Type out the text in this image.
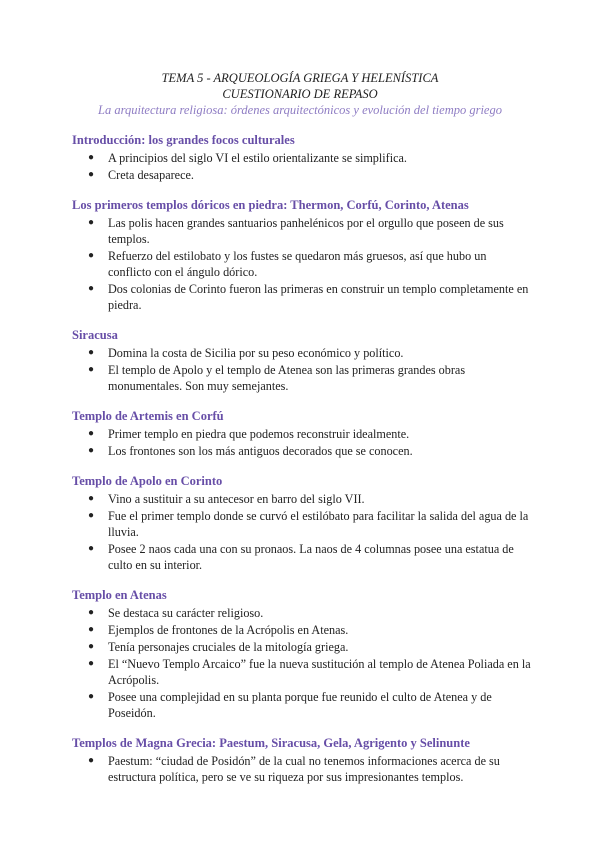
TEMA 5 - ARQUEOLOGÍA GRIEGA Y HELENÍSTICA
CUESTIONARIO DE REPASO
La arquitectura religiosa: órdenes arquitectónicos y evolución del tiempo griego
Introducción: los grandes focos culturales
● A principios del siglo VI el estilo orientalizante se simplifica.
● Creta desaparece.
Los primeros templos dóricos en piedra: Thermon, Corfú, Corinto, Atenas
● Las polis hacen grandes santuarios panhelénicos por el orgullo que poseen de sus templos.
● Refuerzo del estilobato y los fustes se quedaron más gruesos, así que hubo un conflicto con el ángulo dórico.
● Dos colonias de Corinto fueron las primeras en construir un templo completamente en piedra.
Siracusa
● Domina la costa de Sicilia por su peso económico y político.
● El templo de Apolo y el templo de Atenea son las primeras grandes obras monumentales. Son muy semejantes.
Templo de Artemis en Corfú
● Primer templo en piedra que podemos reconstruir idealmente.
● Los frontones son los más antiguos decorados que se conocen.
Templo de Apolo en Corinto
● Vino a sustituir a su antecesor en barro del siglo VII.
● Fue el primer templo donde se curvó el estilóbato para facilitar la salida del agua de la lluvia.
● Posee 2 naos cada una con su pronaos. La naos de 4 columnas posee una estatua de culto en su interior.
Templo en Atenas
● Se destaca su carácter religioso.
● Ejemplos de frontones de la Acrópolis en Atenas.
● Tenía personajes cruciales de la mitología griega.
● El “Nuevo Templo Arcaico” fue la nueva sustitución al templo de Atenea Poliada en la Acrópolis.
● Posee una complejidad en su planta porque fue reunido el culto de Atenea y de Poseidón.
Templos de Magna Grecia: Paestum, Siracusa, Gela, Agrigento y Selinunte
● Paestum: “ciudad de Posidón” de la cual no tenemos informaciones acerca de su estructura política, pero se ve su riqueza por sus impresionantes templos.
